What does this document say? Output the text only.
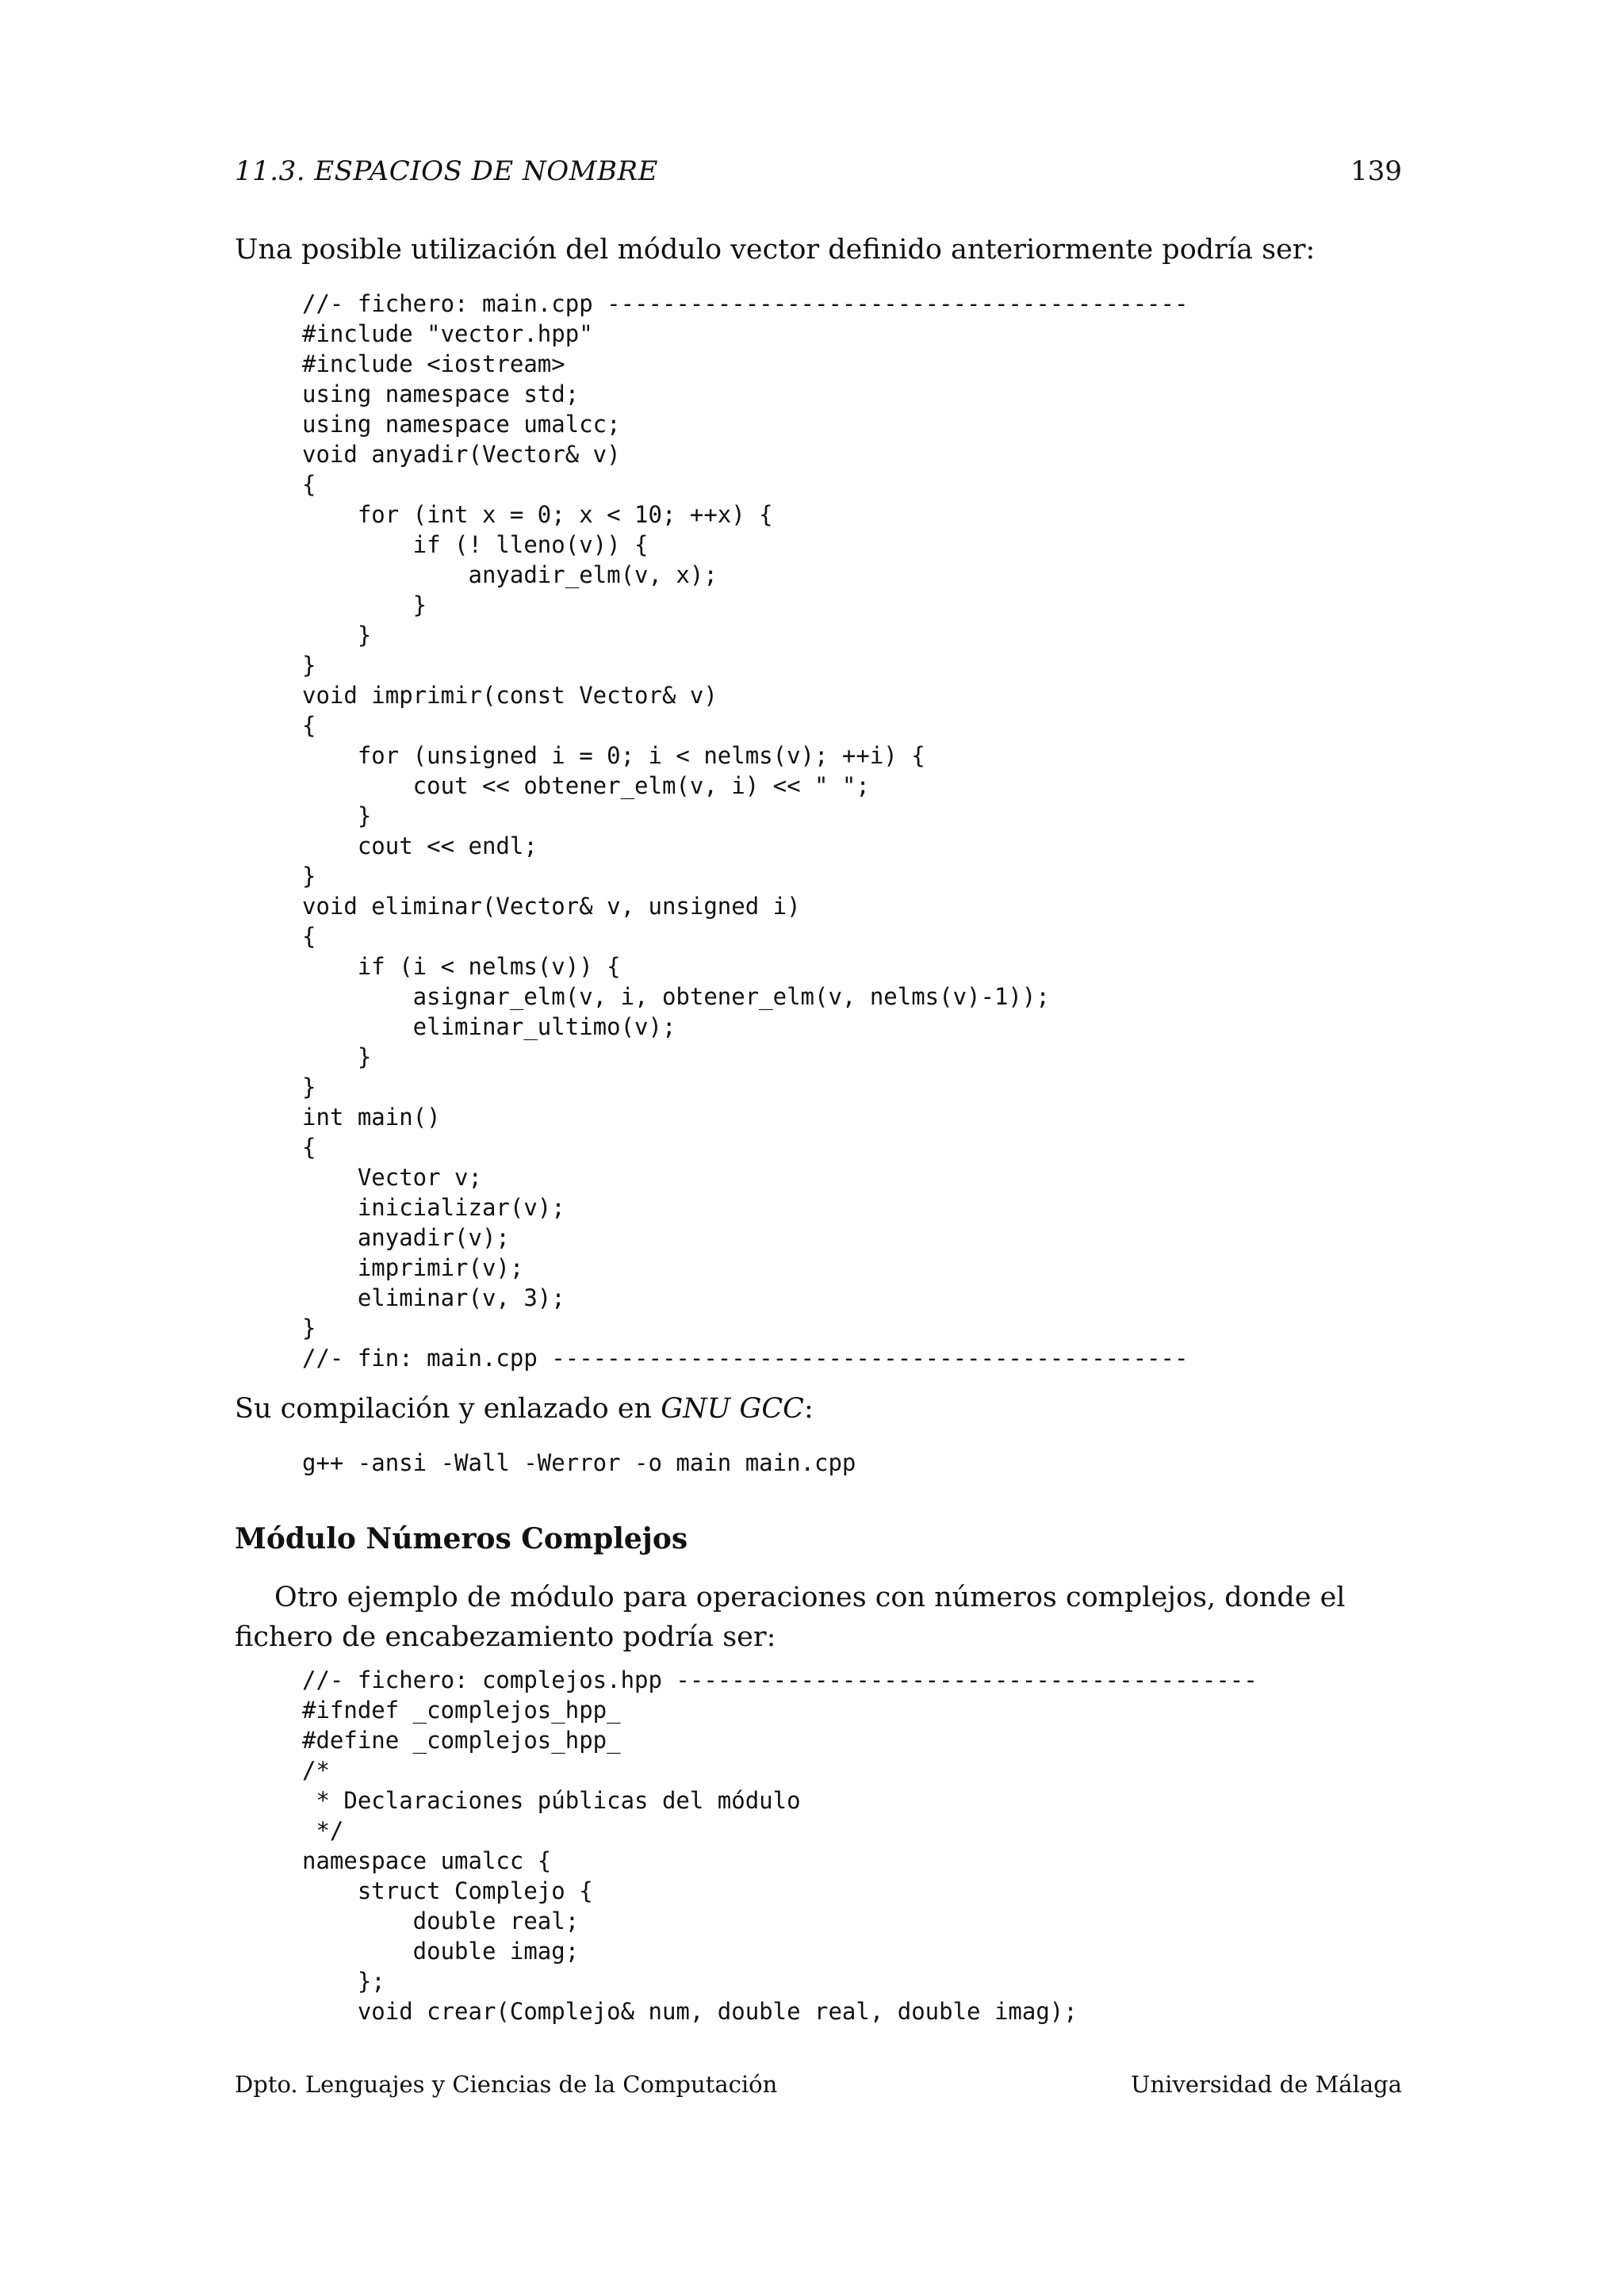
11.3. ESPACIOS DE NOMBRE	139

Una posible utilización del módulo vector definido anteriormente podría ser:

//- fichero: main.cpp ------------------------------------------
#include "vector.hpp"
#include <iostream>
using namespace std;
using namespace umalcc;
void anyadir(Vector& v)
{
for (int x = 0; x < 10; ++x) {
if (! lleno(v)) {
anyadir_elm(v, x);
}
}
}
void imprimir(const Vector& v)
{
for (unsigned i = 0; i < nelms(v); ++i) {
cout << obtener_elm(v, i) << " ";
}
cout << endl;
}
void eliminar(Vector& v, unsigned i)
{
if (i < nelms(v)) {
asignar_elm(v, i, obtener_elm(v, nelms(v)-1));
eliminar_ultimo(v);
}
}
int main()
{
Vector v;
inicializar(v);
anyadir(v);
imprimir(v);
eliminar(v, 3);
}
//- fin: main.cpp ----------------------------------------------

Su compilación y enlazado en GNU GCC:

g++ -ansi -Wall -Werror -o main main.cpp
Módulo Números Complejos

Otro ejemplo de módulo para operaciones con números complejos, donde el fichero de encabezamiento podría ser:

//- fichero: complejos.hpp ------------------------------------------
#ifndef _complejos_hpp_
#define _complejos_hpp_
/*
* Declaraciones públicas del módulo
*/
namespace umalcc {
struct Complejo {
double real;
double imag;
};
void crear(Complejo& num, double real, double imag);
Dpto. Lenguajes y Ciencias de la Computación	Universidad de Málaga
